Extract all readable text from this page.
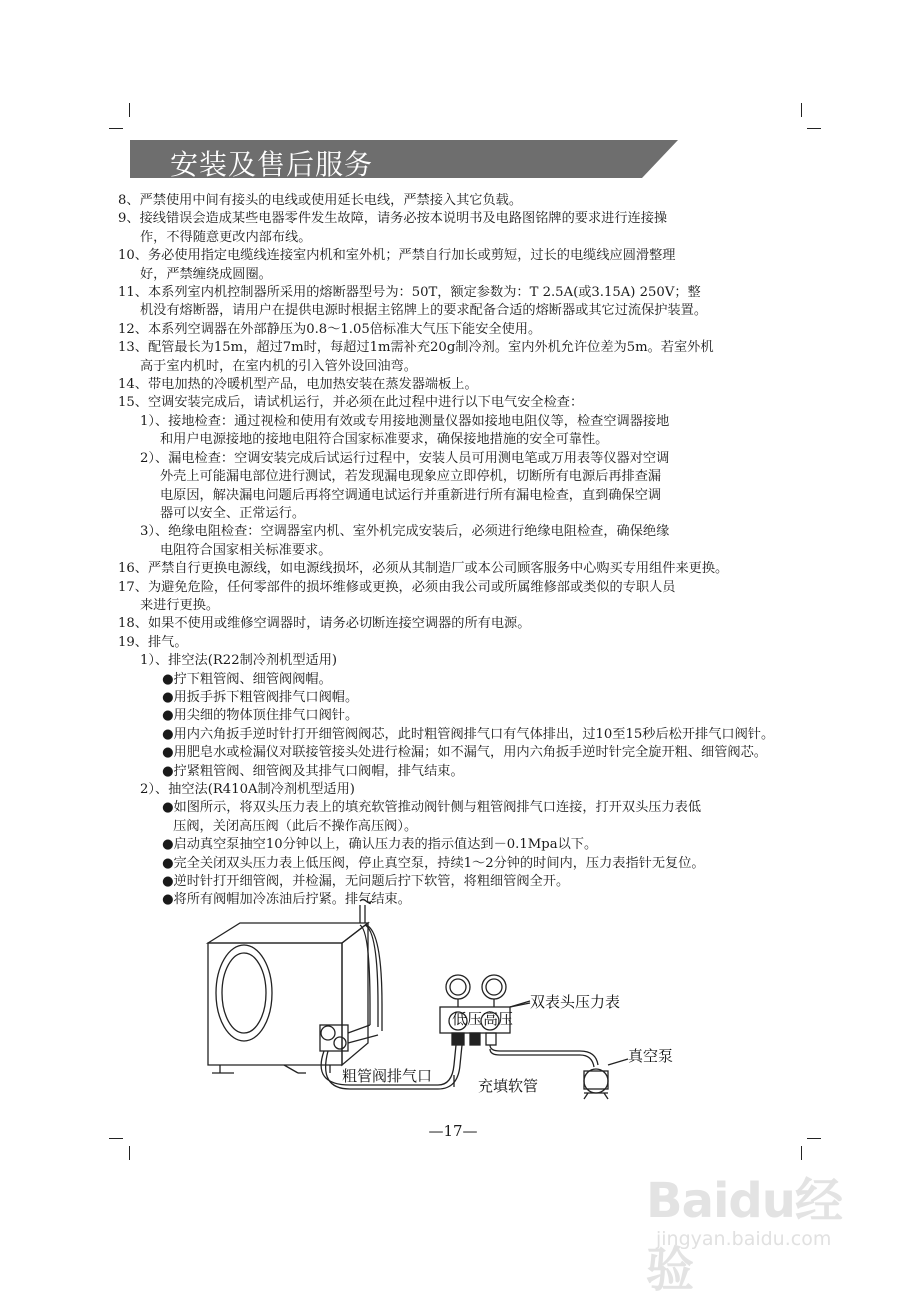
安装及售后服务
8、严禁使用中间有接头的电线或使用延长电线，严禁接入其它负载。
9、接线错误会造成某些电器零件发生故障，请务必按本说明书及电路图铭牌的要求进行连接操
作，不得随意更改内部布线。
10、务必使用指定电缆线连接室内机和室外机；严禁自行加长或剪短，过长的电缆线应圆滑整理
好，严禁缠绕成圆圈。
11、本系列室内机控制器所采用的熔断器型号为：50T，额定参数为：T 2.5A(或3.15A) 250V；整
机没有熔断器，请用户在提供电源时根据主铭牌上的要求配备合适的熔断器或其它过流保护装置。
12、本系列空调器在外部静压为0.8～1.05倍标准大气压下能安全使用。
13、配管最长为15m，超过7m时，每超过1m需补充20g制冷剂。室内外机允许位差为5m。若室外机
高于室内机时，在室内机的引入管外设回油弯。
14、带电加热的冷暖机型产品，电加热安装在蒸发器端板上。
15、空调安装完成后，请试机运行，并必须在此过程中进行以下电气安全检查：
1）、接地检查：通过视检和使用有效或专用接地测量仪器如接地电阻仪等，检查空调器接地
和用户电源接地的接地电阻符合国家标准要求，确保接地措施的安全可靠性。
2）、漏电检查：空调安装完成后试运行过程中，安装人员可用测电笔或万用表等仪器对空调
外壳上可能漏电部位进行测试，若发现漏电现象应立即停机，切断所有电源后再排查漏
电原因，解决漏电问题后再将空调通电试运行并重新进行所有漏电检查，直到确保空调
器可以安全、正常运行。
3）、绝缘电阻检查：空调器室内机、室外机完成安装后，必须进行绝缘电阻检查，确保绝缘
电阻符合国家相关标准要求。
16、严禁自行更换电源线，如电源线损坏，必须从其制造厂或本公司顾客服务中心购买专用组件来更换。
17、为避免危险，任何零部件的损坏维修或更换，必须由我公司或所属维修部或类似的专职人员
来进行更换。
18、如果不使用或维修空调器时，请务必切断连接空调器的所有电源。
19、排气。
1）、排空法(R22制冷剂机型适用)
●拧下粗管阀、细管阀阀帽。
●用扳手拆下粗管阀排气口阀帽。
●用尖细的物体顶住排气口阀针。
●用内六角扳手逆时针打开细管阀阀芯，此时粗管阀排气口有气体排出，过10至15秒后松开排气口阀针。
●用肥皂水或检漏仪对联接管接头处进行检漏；如不漏气，用内六角扳手逆时针完全旋开粗、细管阀芯。
●拧紧粗管阀、细管阀及其排气口阀帽，排气结束。
2）、抽空法(R410A制冷剂机型适用)
●如图所示，将双头压力表上的填充软管推动阀针侧与粗管阀排气口连接，打开双头压力表低
　压阀，关闭高压阀（此后不操作高压阀）。
●启动真空泵抽空10分钟以上，确认压力表的指示值达到－0.1Mpa以下。
●完全关闭双头压力表上低压阀，停止真空泵，持续1～2分钟的时间内，压力表指针无复位。
●逆时针打开细管阀，并检漏，无问题后拧下软管，将粗细管阀全开。
●将所有阀帽加冷冻油后拧紧。排气结束。
低压 高压
双表头压力表
真空泵
粗管阀排气口
充填软管
—17—
Baidu经验
jingyan.baidu.com
